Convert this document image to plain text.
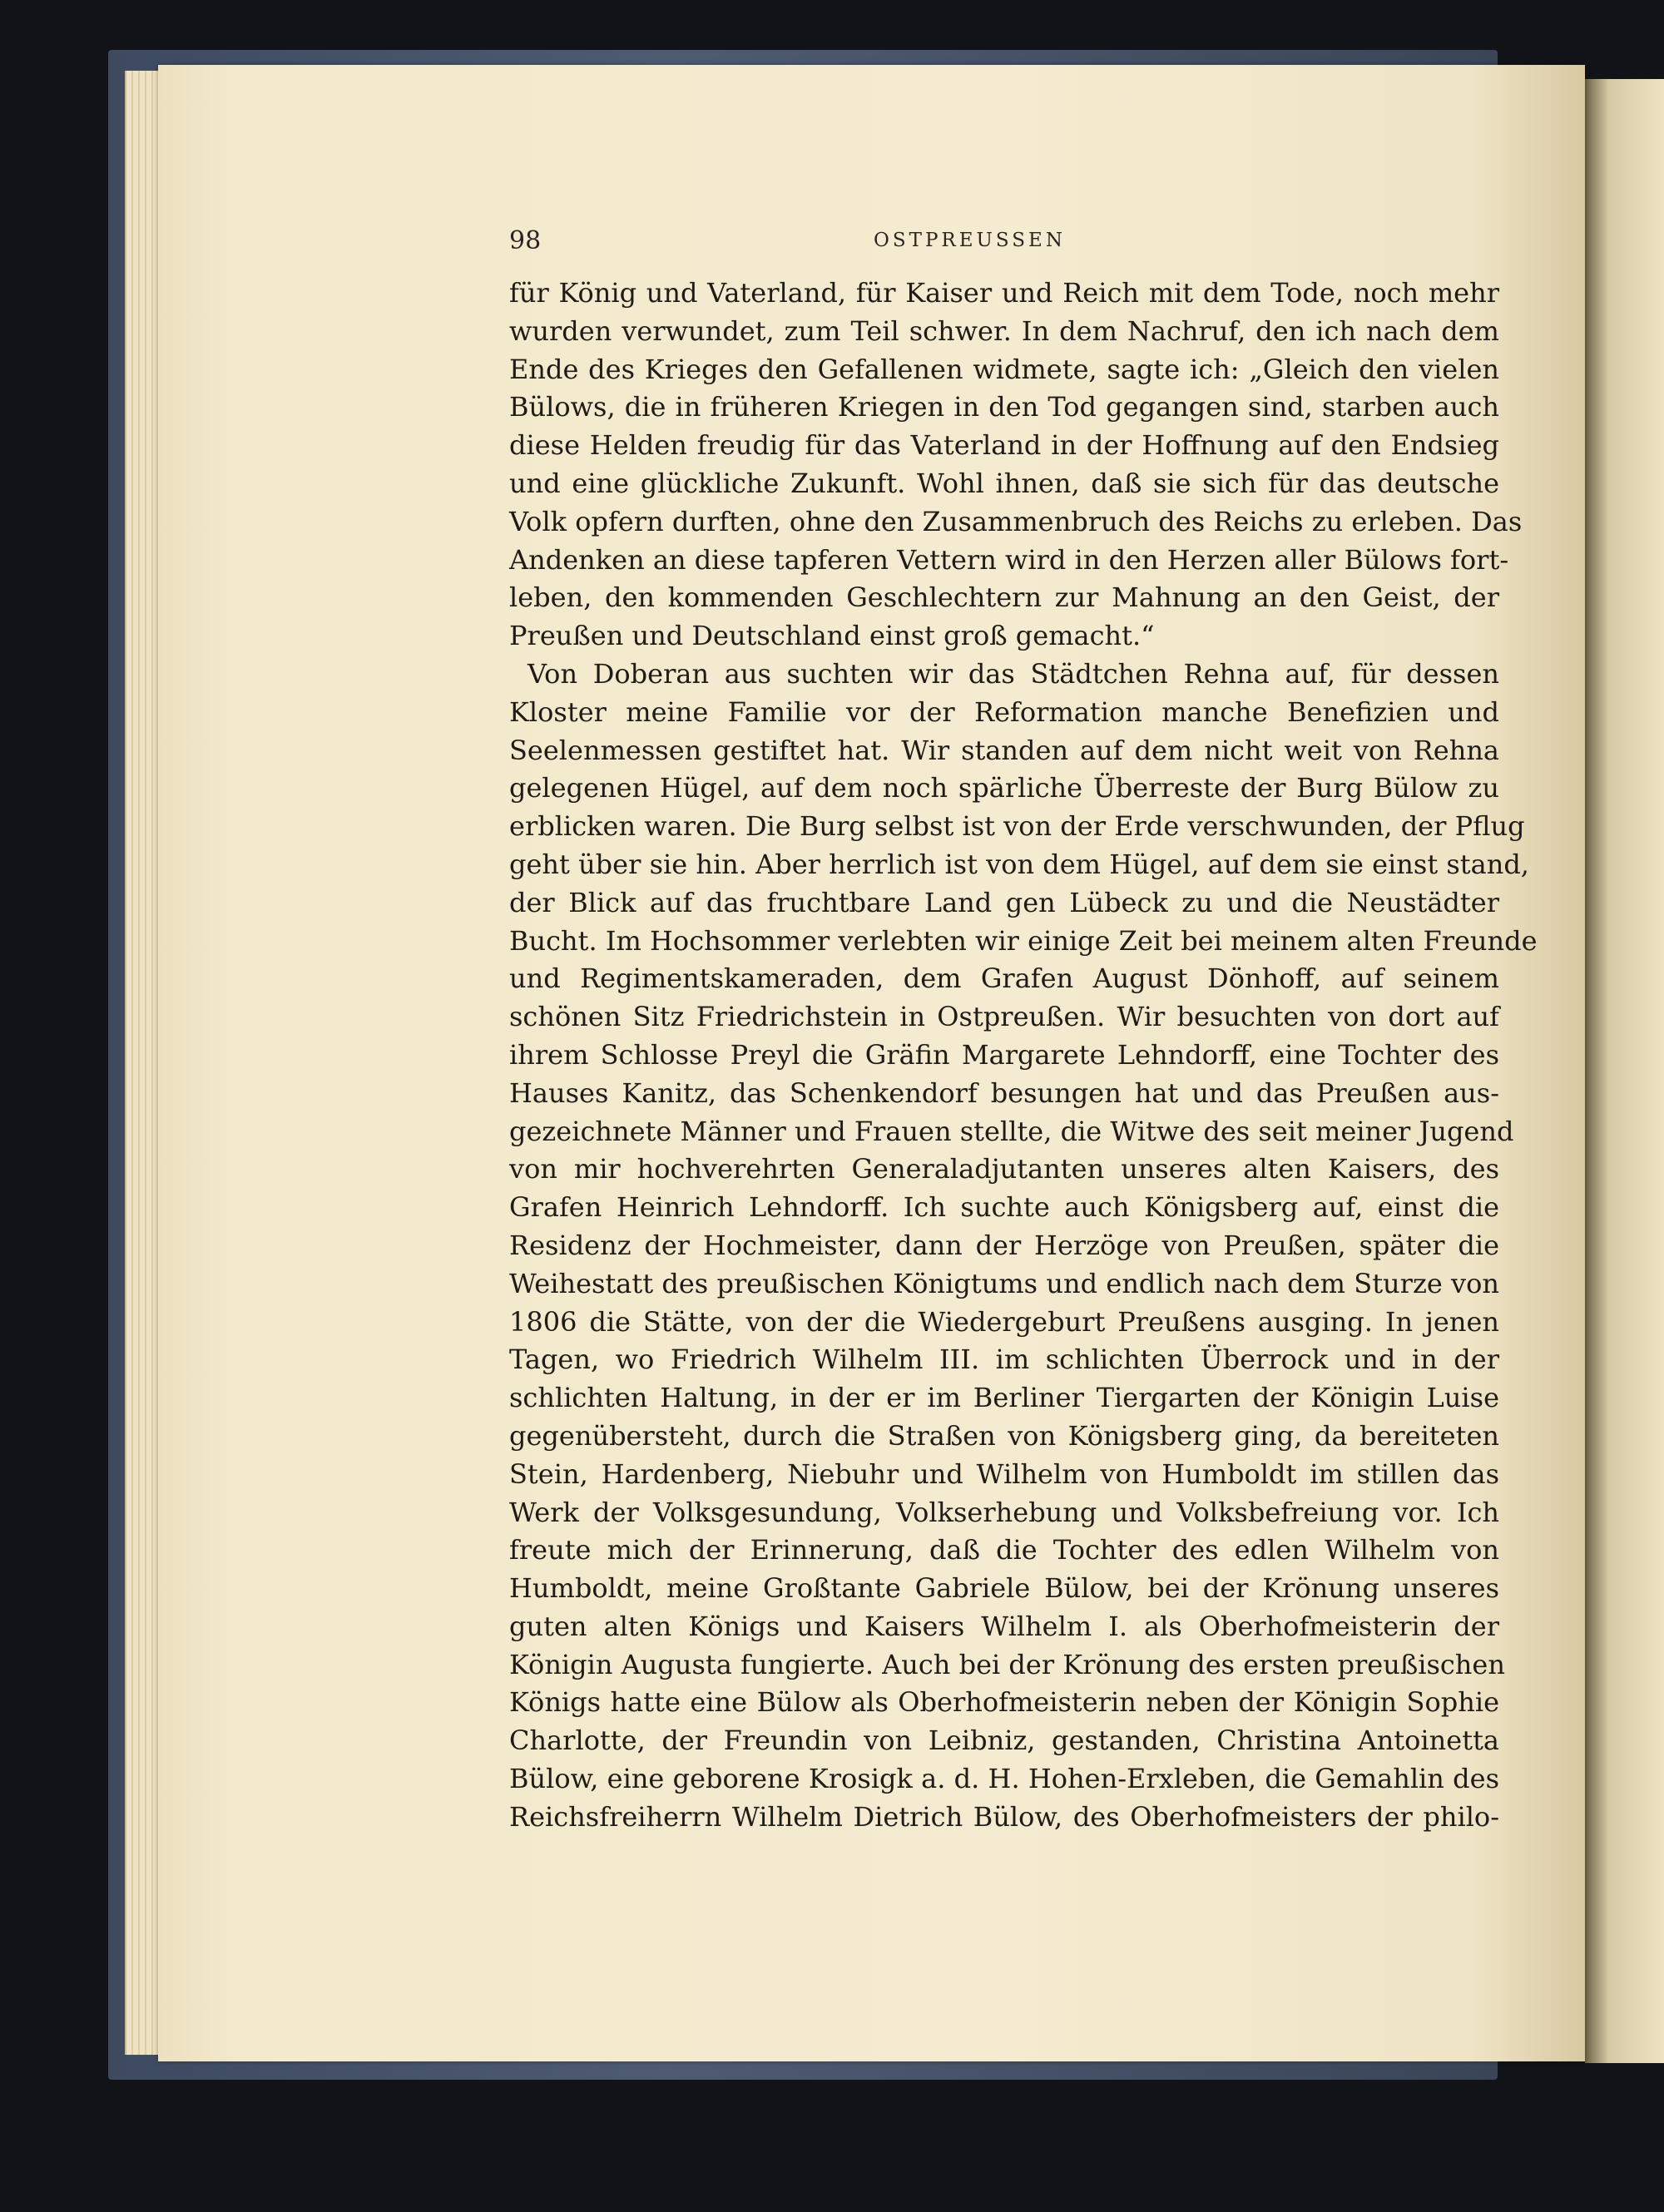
98	OSTPREUSSEN
für König und Vaterland, für Kaiser und Reich mit dem Tode, noch mehr
wurden verwundet, zum Teil schwer. In dem Nachruf, den ich nach dem
Ende des Krieges den Gefallenen widmete, sagte ich: „Gleich den vielen
Bülows, die in früheren Kriegen in den Tod gegangen sind, starben auch
diese Helden freudig für das Vaterland in der Hoffnung auf den Endsieg
und eine glückliche Zukunft. Wohl ihnen, daß sie sich für das deutsche
Volk opfern durften, ohne den Zusammenbruch des Reichs zu erleben. Das
Andenken an diese tapferen Vettern wird in den Herzen aller Bülows fort-
leben, den kommenden Geschlechtern zur Mahnung an den Geist, der
Preußen und Deutschland einst groß gemacht.“
Von Doberan aus suchten wir das Städtchen Rehna auf, für dessen
Kloster meine Familie vor der Reformation manche Benefizien und
Seelenmessen gestiftet hat. Wir standen auf dem nicht weit von Rehna
gelegenen Hügel, auf dem noch spärliche Überreste der Burg Bülow zu
erblicken waren. Die Burg selbst ist von der Erde verschwunden, der Pflug
geht über sie hin. Aber herrlich ist von dem Hügel, auf dem sie einst stand,
der Blick auf das fruchtbare Land gen Lübeck zu und die Neustädter
Bucht. Im Hochsommer verlebten wir einige Zeit bei meinem alten Freunde
und Regimentskameraden, dem Grafen August Dönhoff, auf seinem
schönen Sitz Friedrichstein in Ostpreußen. Wir besuchten von dort auf
ihrem Schlosse Preyl die Gräfin Margarete Lehndorff, eine Tochter des
Hauses Kanitz, das Schenkendorf besungen hat und das Preußen aus-
gezeichnete Männer und Frauen stellte, die Witwe des seit meiner Jugend
von mir hochverehrten Generaladjutanten unseres alten Kaisers, des
Grafen Heinrich Lehndorff. Ich suchte auch Königsberg auf, einst die
Residenz der Hochmeister, dann der Herzöge von Preußen, später die
Weihestatt des preußischen Königtums und endlich nach dem Sturze von
1806 die Stätte, von der die Wiedergeburt Preußens ausging. In jenen
Tagen, wo Friedrich Wilhelm III. im schlichten Überrock und in der
schlichten Haltung, in der er im Berliner Tiergarten der Königin Luise
gegenübersteht, durch die Straßen von Königsberg ging, da bereiteten
Stein, Hardenberg, Niebuhr und Wilhelm von Humboldt im stillen das
Werk der Volksgesundung, Volkserhebung und Volksbefreiung vor. Ich
freute mich der Erinnerung, daß die Tochter des edlen Wilhelm von
Humboldt, meine Großtante Gabriele Bülow, bei der Krönung unseres
guten alten Königs und Kaisers Wilhelm I. als Oberhofmeisterin der
Königin Augusta fungierte. Auch bei der Krönung des ersten preußischen
Königs hatte eine Bülow als Oberhofmeisterin neben der Königin Sophie
Charlotte, der Freundin von Leibniz, gestanden, Christina Antoinetta
Bülow, eine geborene Krosigk a. d. H. Hohen-Erxleben, die Gemahlin des
Reichsfreiherrn Wilhelm Dietrich Bülow, des Oberhofmeisters der philo-
